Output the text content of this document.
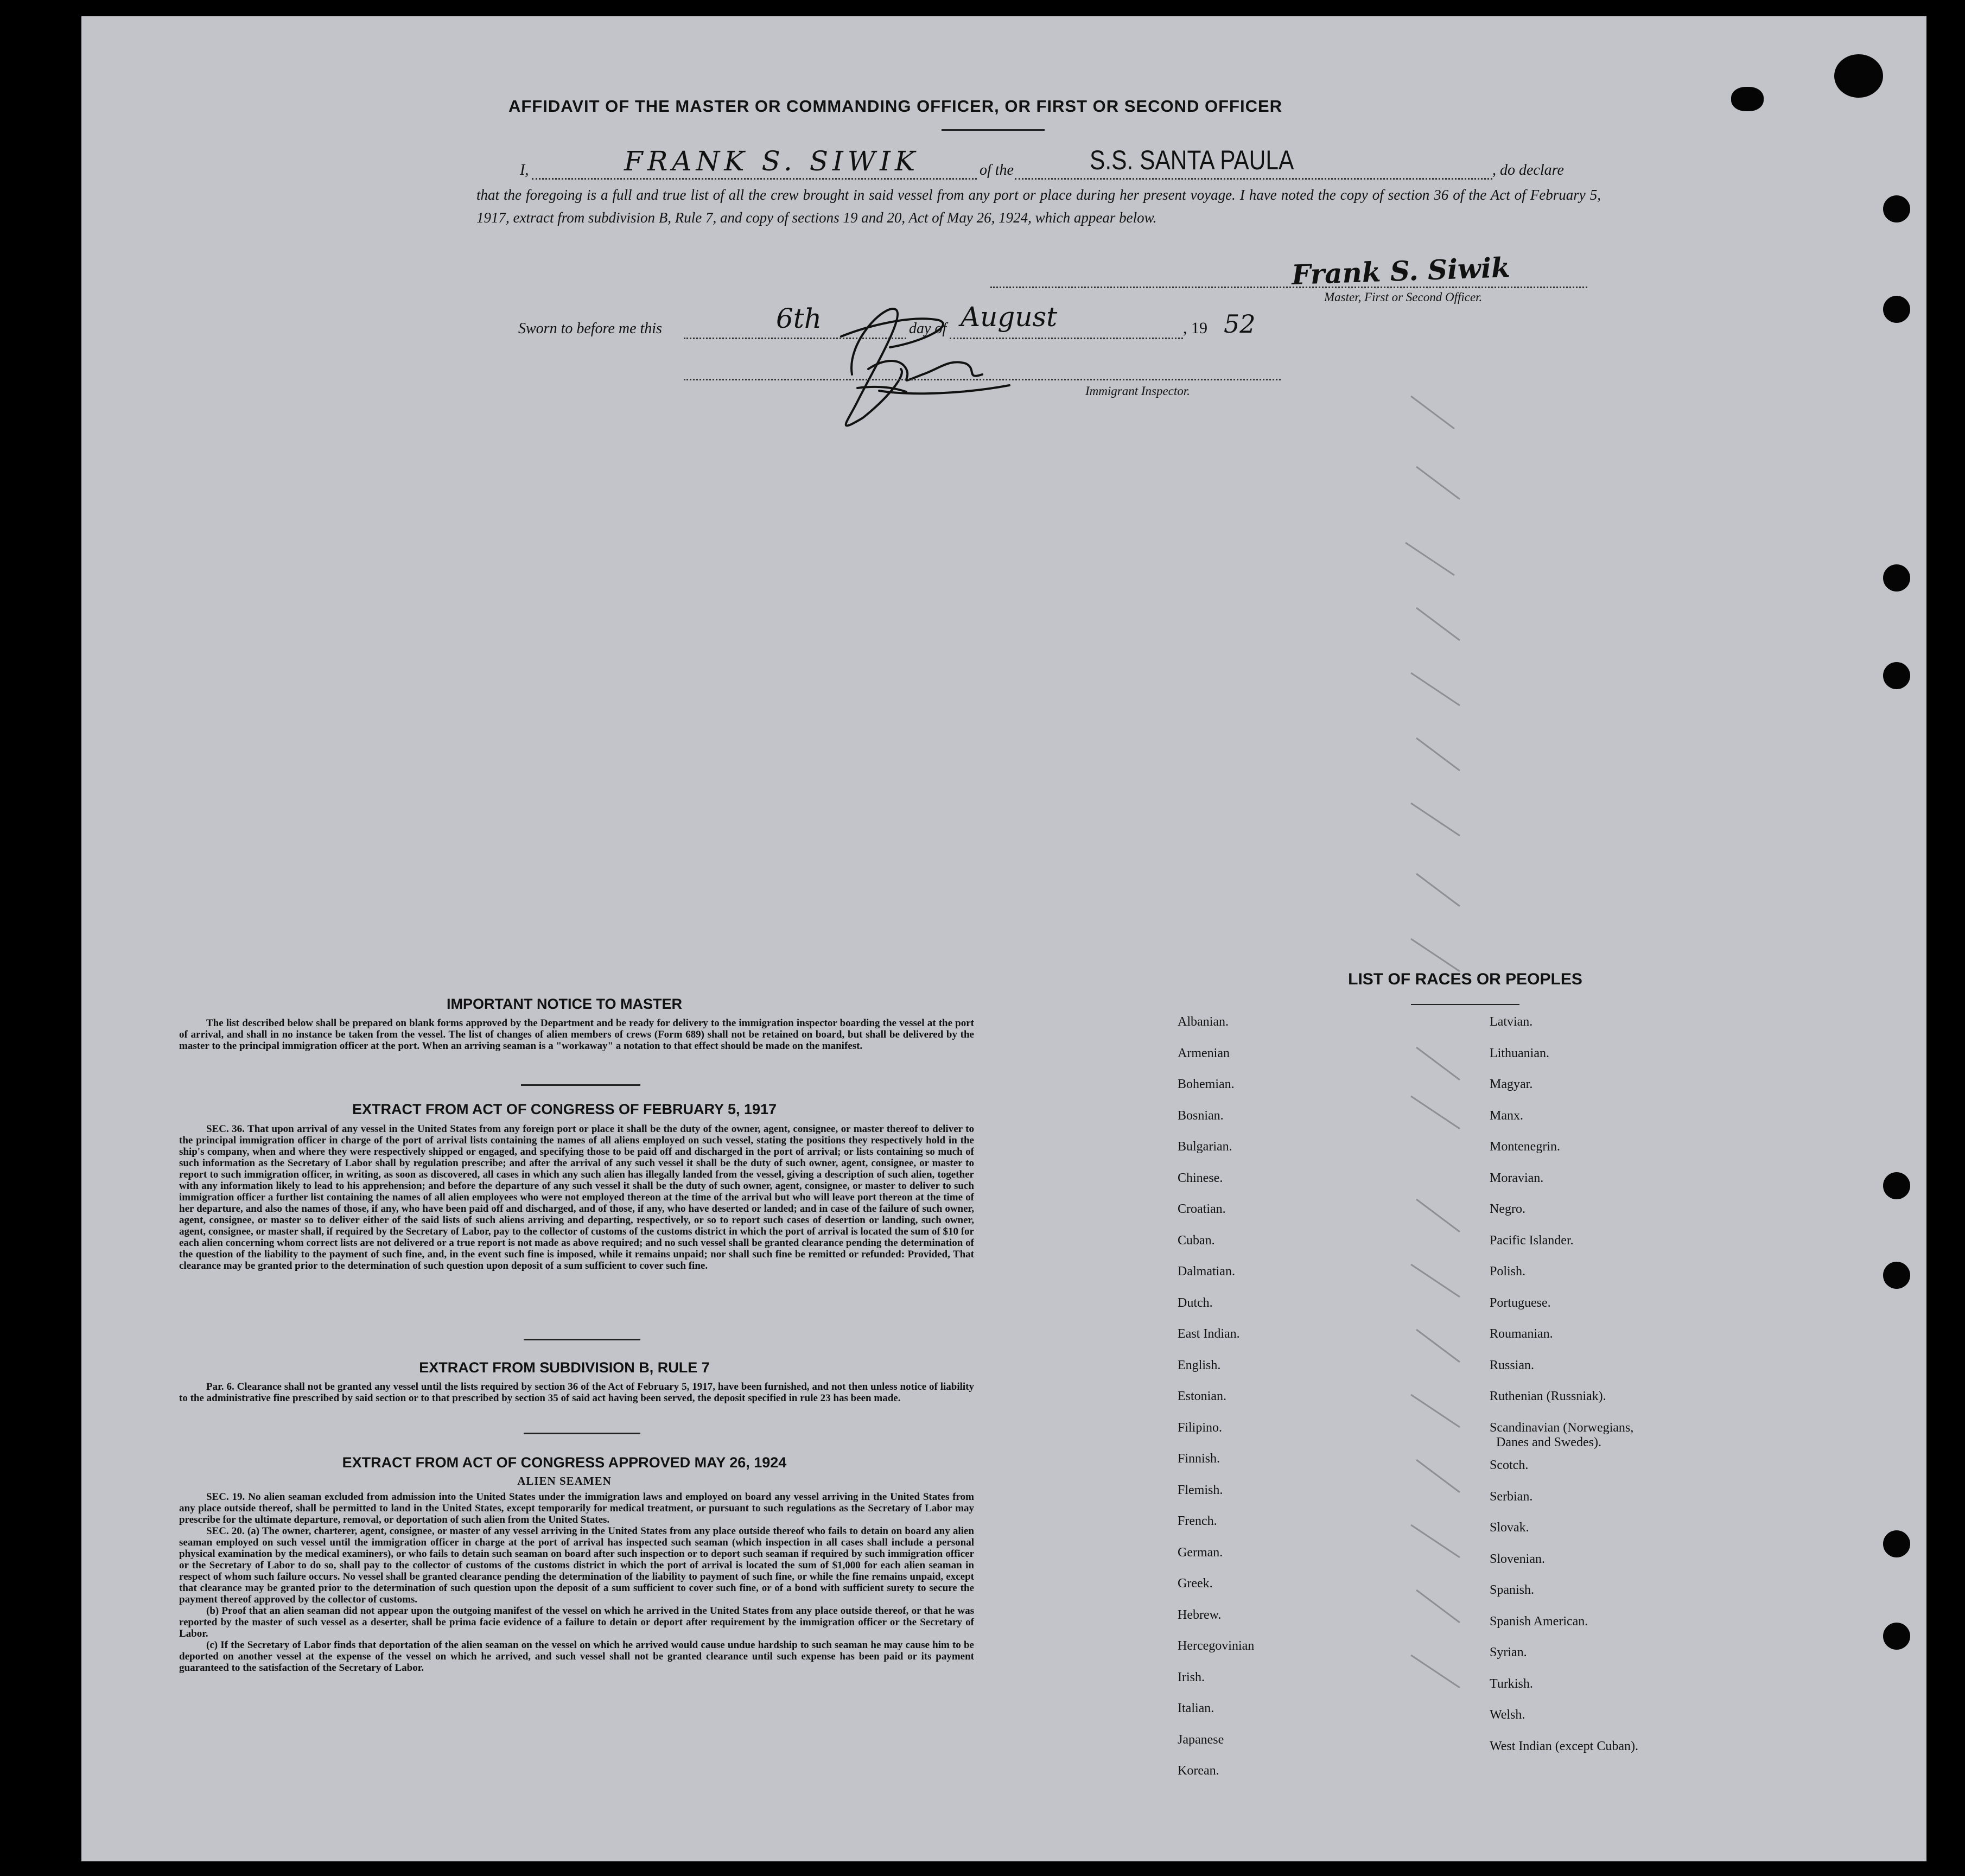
AFFIDAVIT OF THE MASTER OR COMMANDING OFFICER, OR FIRST OR SECOND OFFICER
I,	FRANK S. SIWIK	of the	S.S. SANTA PAULA	, do declare
that the foregoing is a full and true list of all the crew brought in said vessel from any port or place during her present voyage. I have noted the copy of section 36 of the Act of February 5, 1917, extract from subdivision B, Rule 7, and copy of sections 19 and 20, Act of May 26, 1924, which appear below.
Frank S. Siwik
Master, First or Second Officer.
Sworn to before me this	6th	day of August	, 19 52
Immigrant Inspector.
IMPORTANT NOTICE TO MASTER
The list described below shall be prepared on blank forms approved by the Department and be ready for delivery to the immigration inspector boarding the vessel at the port of arrival, and shall in no instance be taken from the vessel. The list of changes of alien members of crews (Form 689) shall not be retained on board, but shall be delivered by the master to the principal immigration officer at the port. When an arriving seaman is a "workaway" a notation to that effect should be made on the manifest.
EXTRACT FROM ACT OF CONGRESS OF FEBRUARY 5, 1917
SEC. 36. That upon arrival of any vessel in the United States from any foreign port or place it shall be the duty of the owner, agent, consignee, or master thereof to deliver to the principal immigration officer in charge of the port of arrival lists containing the names of all aliens employed on such vessel, stating the positions they respectively hold in the ship's company, when and where they were respectively shipped or engaged, and specifying those to be paid off and discharged in the port of arrival; or lists containing so much of such information as the Secretary of Labor shall by regulation prescribe; and after the arrival of any such vessel it shall be the duty of such owner, agent, consignee, or master to report to such immigration officer, in writing, as soon as discovered, all cases in which any such alien has illegally landed from the vessel, giving a description of such alien, together with any information likely to lead to his apprehension; and before the departure of any such vessel it shall be the duty of such owner, agent, consignee, or master to deliver to such immigration officer a further list containing the names of all alien employees who were not employed thereon at the time of the arrival but who will leave port thereon at the time of her departure, and also the names of those, if any, who have been paid off and discharged, and of those, if any, who have deserted or landed; and in case of the failure of such owner, agent, consignee, or master so to deliver either of the said lists of such aliens arriving and departing, respectively, or so to report such cases of desertion or landing, such owner, agent, consignee, or master shall, if required by the Secretary of Labor, pay to the collector of customs of the customs district in which the port of arrival is located the sum of $10 for each alien concerning whom correct lists are not delivered or a true report is not made as above required; and no such vessel shall be granted clearance pending the determination of the question of the liability to the payment of such fine, and, in the event such fine is imposed, while it remains unpaid; nor shall such fine be remitted or refunded: Provided, That clearance may be granted prior to the determination of such question upon deposit of a sum sufficient to cover such fine.
EXTRACT FROM SUBDIVISION B, RULE 7
Par. 6. Clearance shall not be granted any vessel until the lists required by section 36 of the Act of February 5, 1917, have been furnished, and not then unless notice of liability to the administrative fine prescribed by said section or to that prescribed by section 35 of said act having been served, the deposit specified in rule 23 has been made.
EXTRACT FROM ACT OF CONGRESS APPROVED MAY 26, 1924
ALIEN SEAMEN
SEC. 19. No alien seaman excluded from admission into the United States under the immigration laws and employed on board any vessel arriving in the United States from any place outside thereof, shall be permitted to land in the United States, except temporarily for medical treatment, or pursuant to such regulations as the Secretary of Labor may prescribe for the ultimate departure, removal, or deportation of such alien from the United States.
SEC. 20. (a) The owner, charterer, agent, consignee, or master of any vessel arriving in the United States from any place outside thereof who fails to detain on board any alien seaman employed on such vessel until the immigration officer in charge at the port of arrival has inspected such seaman (which inspection in all cases shall include a personal physical examination by the medical examiners), or who fails to detain such seaman on board after such inspection or to deport such seaman if required by such immigration officer or the Secretary of Labor to do so, shall pay to the collector of customs of the customs district in which the port of arrival is located the sum of $1,000 for each alien seaman in respect of whom such failure occurs. No vessel shall be granted clearance pending the determination of the liability to payment of such fine, or while the fine remains unpaid, except that clearance may be granted prior to the determination of such question upon the deposit of a sum sufficient to cover such fine, or of a bond with sufficient surety to secure the payment thereof approved by the collector of customs.
(b) Proof that an alien seaman did not appear upon the outgoing manifest of the vessel on which he arrived in the United States from any place outside thereof, or that he was reported by the master of such vessel as a deserter, shall be prima facie evidence of a failure to detain or deport after requirement by the immigration officer or the Secretary of Labor.
(c) If the Secretary of Labor finds that deportation of the alien seaman on the vessel on which he arrived would cause undue hardship to such seaman he may cause him to be deported on another vessel at the expense of the vessel on which he arrived, and such vessel shall not be granted clearance until such expense has been paid or its payment guaranteed to the satisfaction of the Secretary of Labor.
LIST OF RACES OR PEOPLES
Albanian.
Armenian
Bohemian.
Bosnian.
Bulgarian.
Chinese.
Croatian.
Cuban.
Dalmatian.
Dutch.
East Indian.
English.
Estonian.
Filipino.
Finnish.
Flemish.
French.
German.
Greek.
Hebrew.
Hercegovinian
Irish.
Italian.
Japanese
Korean.
Latvian.
Lithuanian.
Magyar.
Manx.
Montenegrin.
Moravian.
Negro.
Pacific Islander.
Polish.
Portuguese.
Roumanian.
Russian.
Ruthenian (Russniak).
Scandinavian (Norwegians,
Danes and Swedes).
Scotch.
Serbian.
Slovak.
Slovenian.
Spanish.
Spanish American.
Syrian.
Turkish.
Welsh.
West Indian (except Cuban).
